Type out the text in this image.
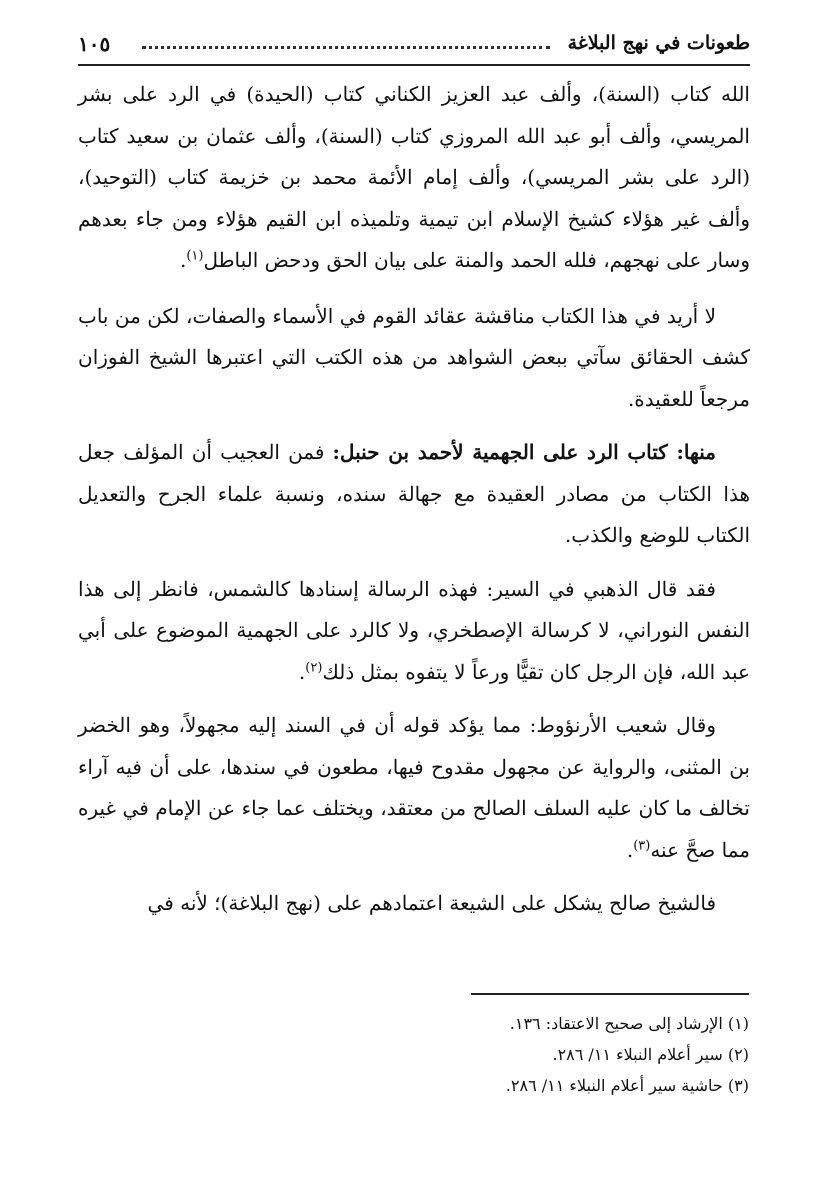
طعونات في نهج البلاغة
١٠٥

الله كتاب (السنة)، وألف عبد العزيز الكناني كتاب (الحيدة) في الرد على بشر المريسي، وألف أبو عبد الله المروزي كتاب (السنة)، وألف عثمان بن سعيد كتاب (الرد على بشر المريسي)، وألف إمام الأئمة محمد بن خزيمة كتاب (التوحيد)، وألف غير هؤلاء كشيخ الإسلام ابن تيمية وتلميذه ابن القيم هؤلاء ومن جاء بعدهم وسار على نهجهم، فلله الحمد والمنة على بيان الحق ودحض الباطل$^{(١)}$.

لا أريد في هذا الكتاب مناقشة عقائد القوم في الأسماء والصفات، لكن من باب كشف الحقائق سآتي ببعض الشواهد من هذه الكتب التي اعتبرها الشيخ الفوزان مرجعاً للعقيدة.

منها: كتاب الرد على الجهمية لأحمد بن حنبل: فمن العجيب أن المؤلف جعل هذا الكتاب من مصادر العقيدة مع جهالة سنده، ونسبة علماء الجرح والتعديل الكتاب للوضع والكذب.

فقد قال الذهبي في السير: فهذه الرسالة إسنادها كالشمس، فانظر إلى هذا النفس النوراني، لا كرسالة الإصطخري، ولا كالرد على الجهمية الموضوع على أبي عبد الله، فإن الرجل كان تقيًّا ورعاً لا يتفوه بمثل ذلك$^{(٢)}$.

وقال شعيب الأرنؤوط: مما يؤكد قوله أن في السند إليه مجهولاً، وهو الخضر بن المثنى، والرواية عن مجهول مقدوح فيها، مطعون في سندها، على أن فيه آراء تخالف ما كان عليه السلف الصالح من معتقد، ويختلف عما جاء عن الإمام في غيره مما صحَّ عنه$^{(٣)}$.

فالشيخ صالح يشكل على الشيعة اعتمادهم على (نهج البلاغة)؛ لأنه في

(١) الإرشاد إلى صحيح الاعتقاد: ١٣٦.

(٢) سير أعلام النبلاء ١١/ ٢٨٦.

(٣) حاشية سير أعلام النبلاء ١١/ ٢٨٦.
